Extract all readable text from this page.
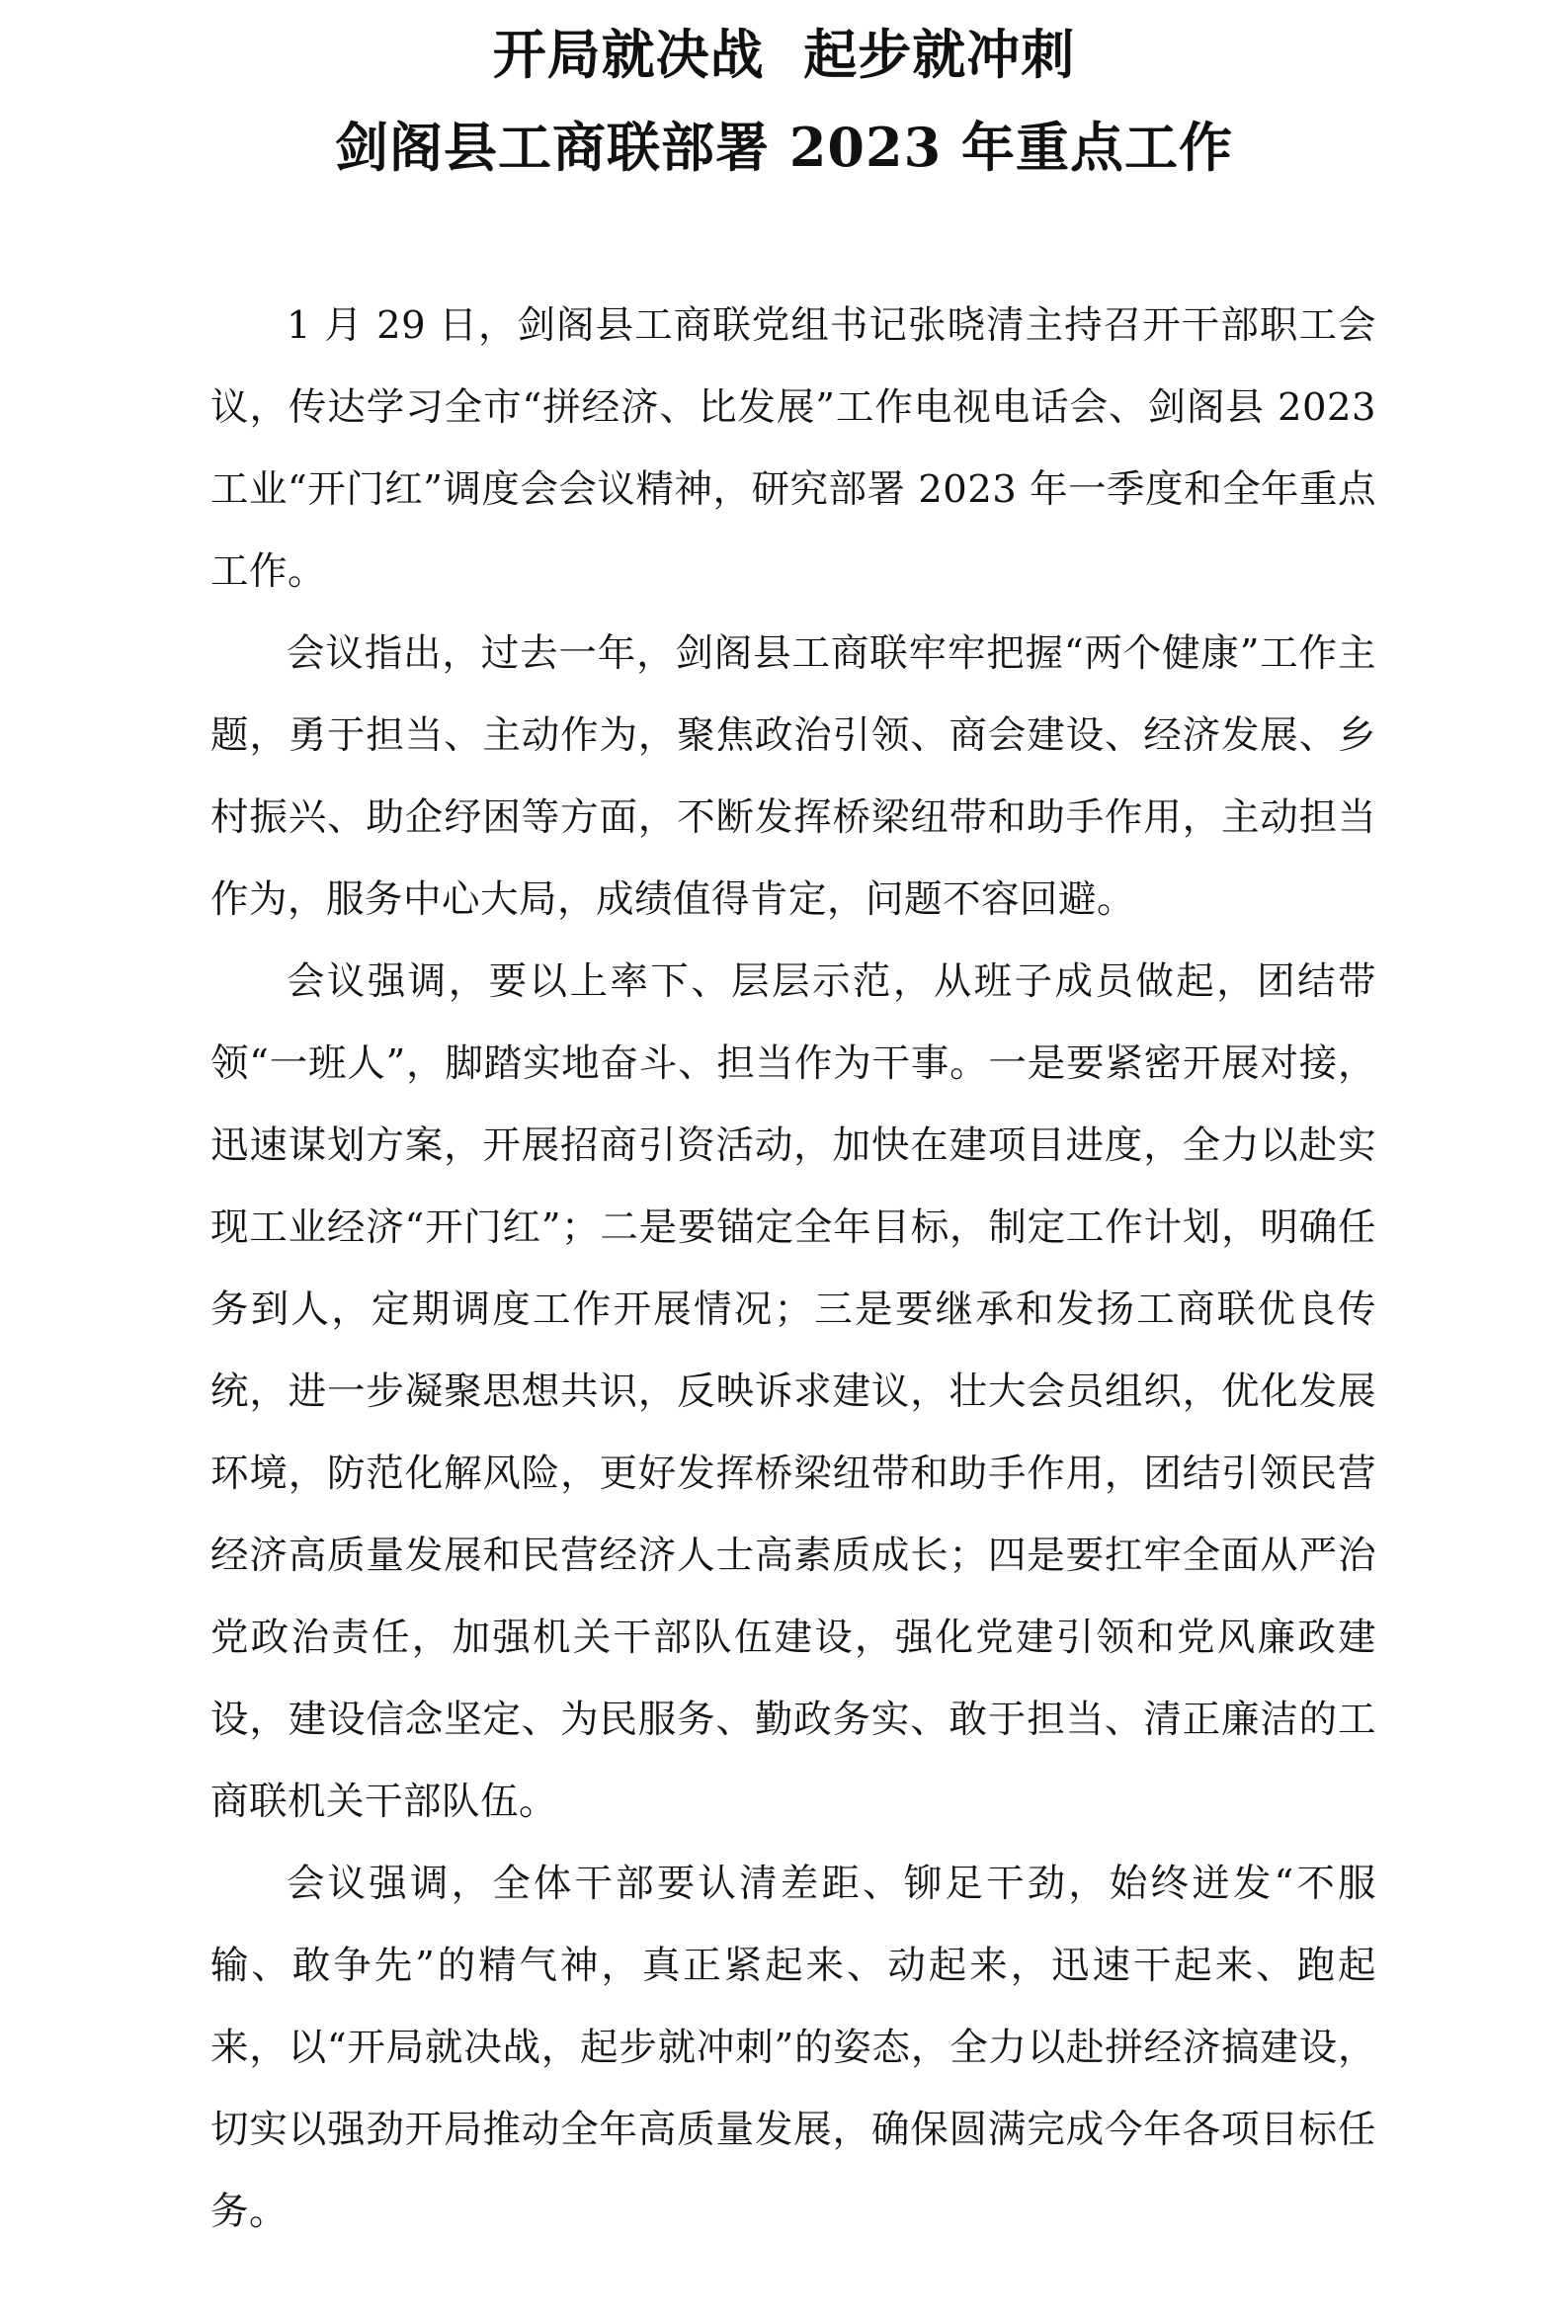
开局就决战  起步就冲刺
剑阁县工商联部署 2023 年重点工作

1 月 29 日，剑阁县工商联党组书记张晓清主持召开干部职工会议，传达学习全市“拼经济、比发展”工作电视电话会、剑阁县 2023 工业“开门红”调度会会议精神，研究部署 2023 年一季度和全年重点工作。

会议指出，过去一年，剑阁县工商联牢牢把握“两个健康”工作主题，勇于担当、主动作为，聚焦政治引领、商会建设、经济发展、乡村振兴、助企纾困等方面，不断发挥桥梁纽带和助手作用，主动担当作为，服务中心大局，成绩值得肯定，问题不容回避。

会议强调，要以上率下、层层示范，从班子成员做起，团结带领“一班人”，脚踏实地奋斗、担当作为干事。一是要紧密开展对接，迅速谋划方案，开展招商引资活动，加快在建项目进度，全力以赴实现工业经济“开门红”；二是要锚定全年目标，制定工作计划，明确任务到人，定期调度工作开展情况；三是要继承和发扬工商联优良传统，进一步凝聚思想共识，反映诉求建议，壮大会员组织，优化发展环境，防范化解风险，更好发挥桥梁纽带和助手作用，团结引领民营经济高质量发展和民营经济人士高素质成长；四是要扛牢全面从严治党政治责任，加强机关干部队伍建设，强化党建引领和党风廉政建设，建设信念坚定、为民服务、勤政务实、敢于担当、清正廉洁的工商联机关干部队伍。

会议强调，全体干部要认清差距、铆足干劲，始终迸发“不服输、敢争先”的精气神，真正紧起来、动起来，迅速干起来、跑起来，以“开局就决战，起步就冲刺”的姿态，全力以赴拼经济搞建设，切实以强劲开局推动全年高质量发展，确保圆满完成今年各项目标任务。
